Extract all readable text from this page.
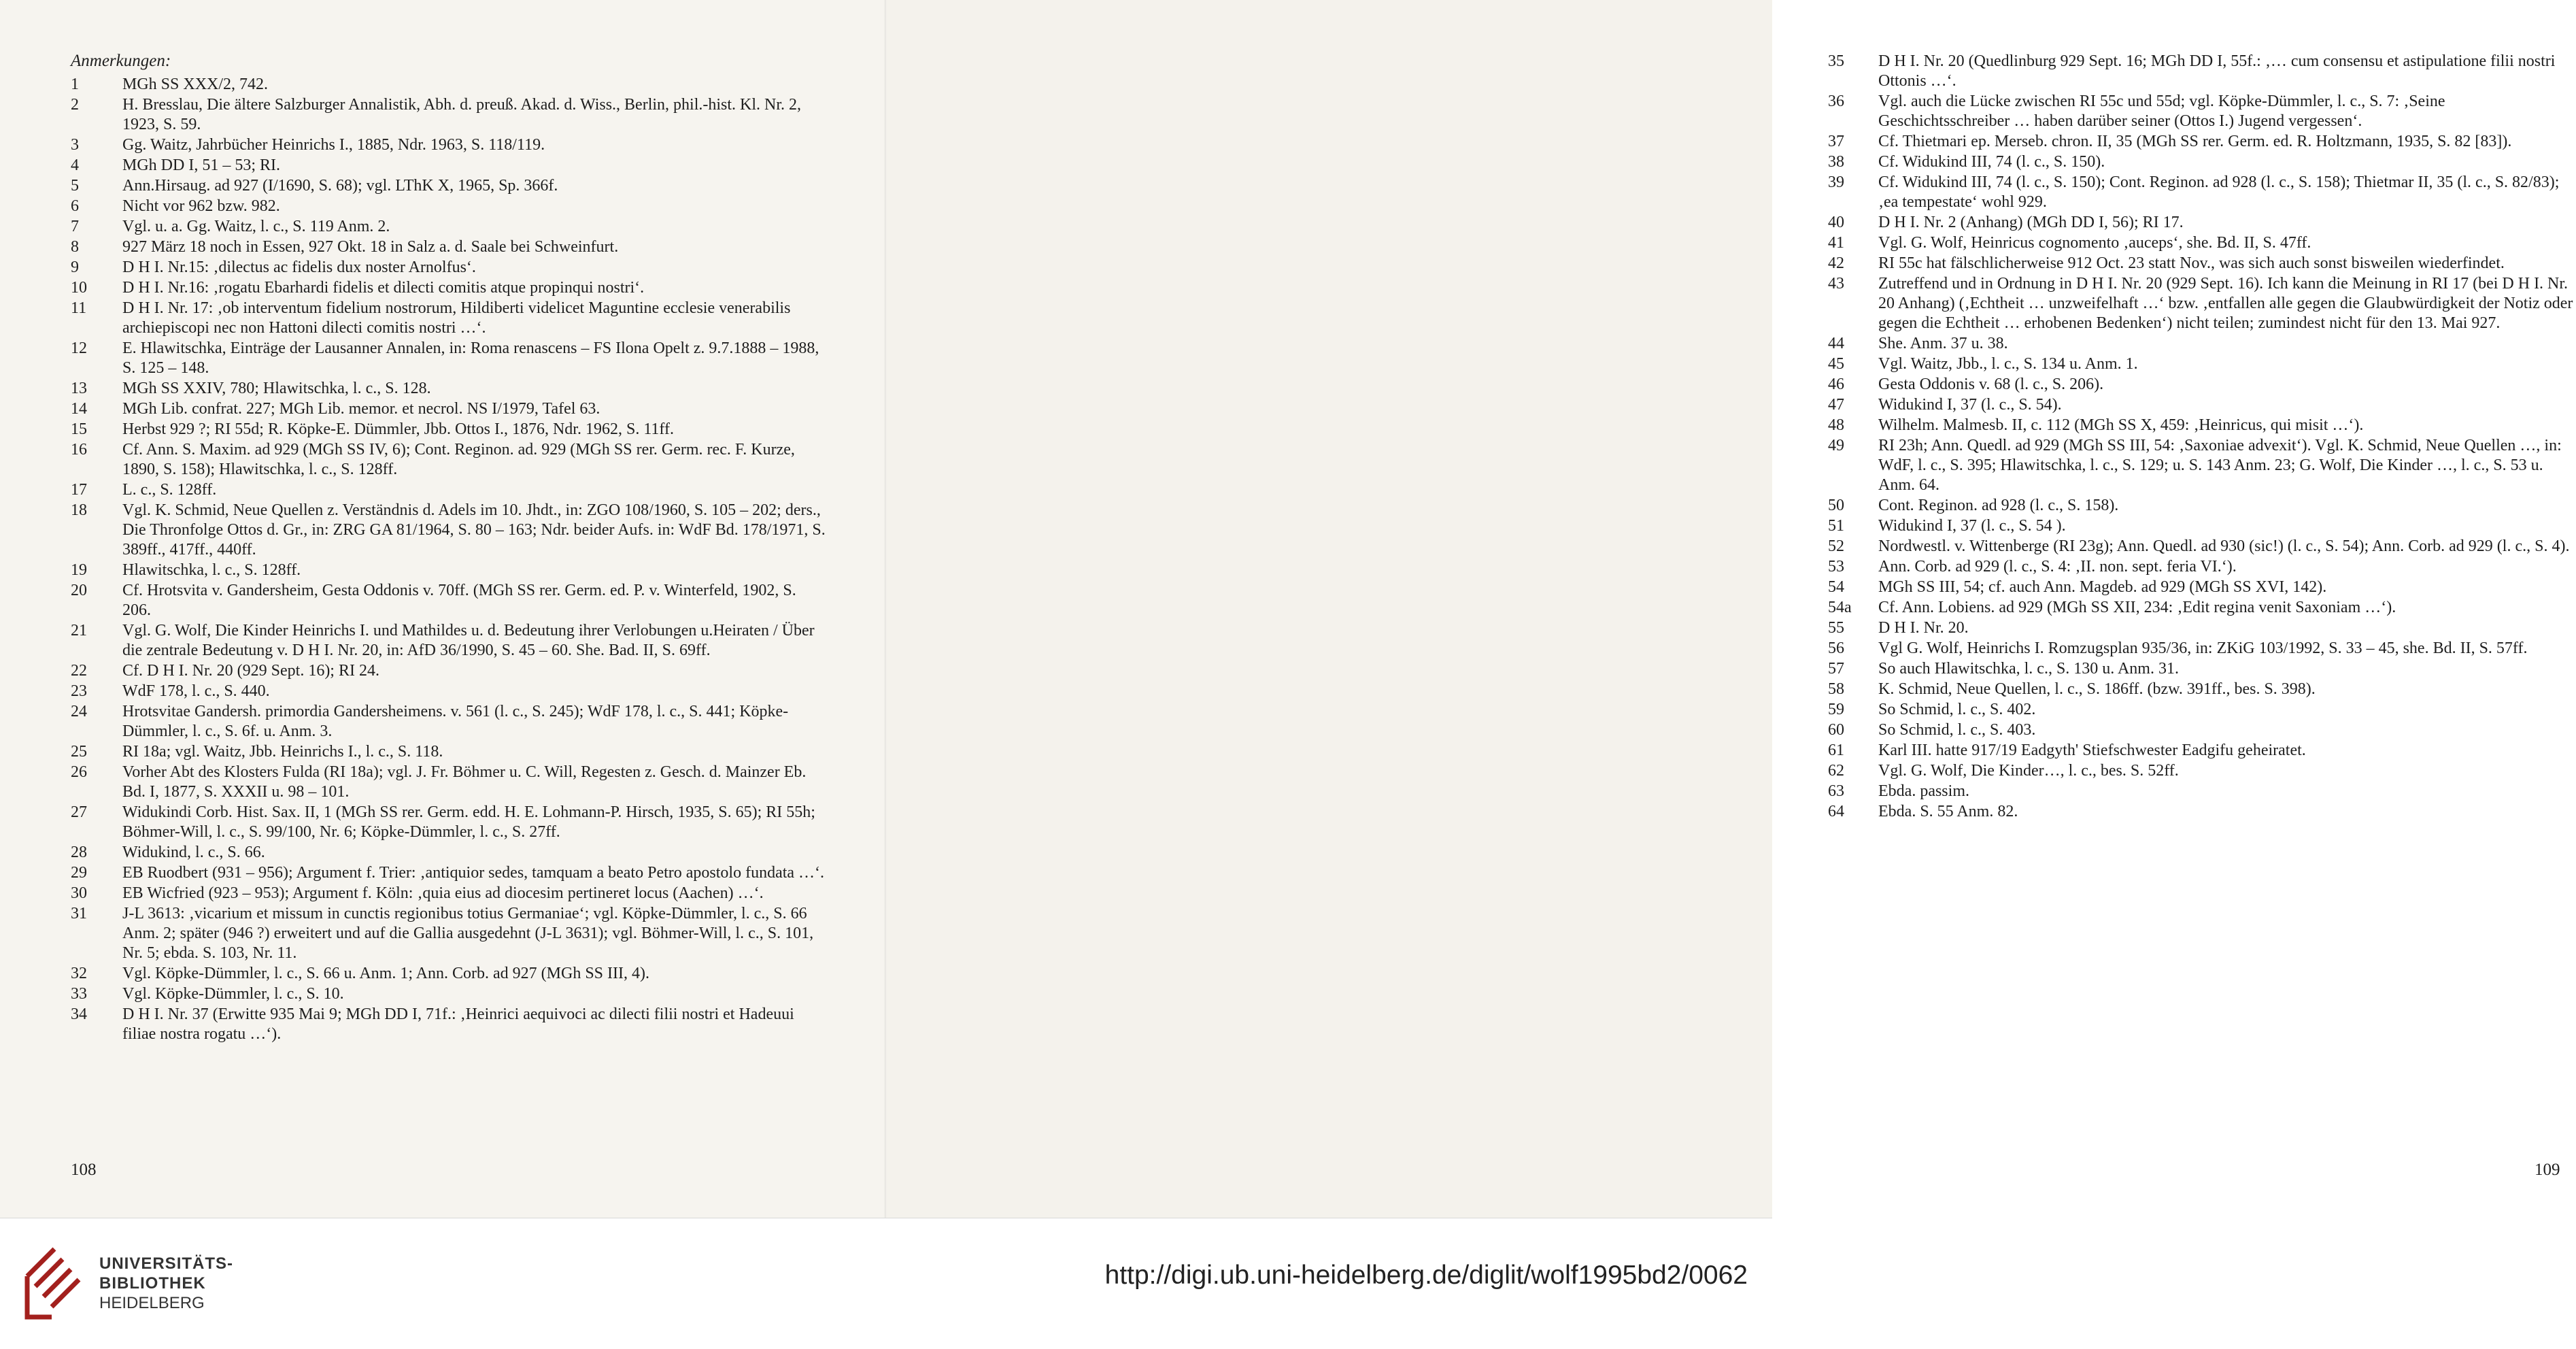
Anmerkungen:
1	MGh SS XXX/2, 742.
2	H. Bresslau, Die ältere Salzburger Annalistik, Abh. d. preuß. Akad. d. Wiss., Berlin, phil.-hist. Kl. Nr. 2, 1923, S. 59.
3	Gg. Waitz, Jahrbücher Heinrichs I., 1885, Ndr. 1963, S. 118/119.
4	MGh DD I, 51 – 53; RI.
5	Ann.Hirsaug. ad 927 (I/1690, S. 68); vgl. LThK X, 1965, Sp. 366f.
6	Nicht vor 962 bzw. 982.
7	Vgl. u. a. Gg. Waitz, l. c., S. 119 Anm. 2.
8	927 März 18 noch in Essen, 927 Okt. 18 in Salz a. d. Saale bei Schweinfurt.
9	D H I. Nr.15: ‚dilectus ac fidelis dux noster Arnolfus‘.
10	D H I. Nr.16: ‚rogatu Ebarhardi fidelis et dilecti comitis atque propinqui nostri‘.
11	D H I. Nr. 17: ‚ob interventum fidelium nostrorum, Hildiberti videlicet Maguntine ecclesie venerabilis archiepiscopi nec non Hattoni dilecti comitis nostri …‘.
12	E. Hlawitschka, Einträge der Lausanner Annalen, in: Roma renascens – FS Ilona Opelt z. 9.7.1888 – 1988, S. 125 – 148.
13	MGh SS XXIV, 780; Hlawitschka, l. c., S. 128.
14	MGh Lib. confrat. 227; MGh Lib. memor. et necrol. NS I/1979, Tafel 63.
15	Herbst 929 ?; RI 55d; R. Köpke-E. Dümmler, Jbb. Ottos I., 1876, Ndr. 1962, S. 11ff.
16	Cf. Ann. S. Maxim. ad 929 (MGh SS IV, 6); Cont. Reginon. ad. 929 (MGh SS rer. Germ. rec. F. Kurze, 1890, S. 158); Hlawitschka, l. c., S. 128ff.
17	L. c., S. 128ff.
18	Vgl. K. Schmid, Neue Quellen z. Verständnis d. Adels im 10. Jhdt., in: ZGO 108/1960, S. 105 – 202; ders., Die Thronfolge Ottos d. Gr., in: ZRG GA 81/1964, S. 80 – 163; Ndr. beider Aufs. in: WdF Bd. 178/1971, S. 389ff., 417ff., 440ff.
19	Hlawitschka, l. c., S. 128ff.
20	Cf. Hrotsvita v. Gandersheim, Gesta Oddonis v. 70ff. (MGh SS rer. Germ. ed. P. v. Winterfeld, 1902, S. 206.
21	Vgl. G. Wolf, Die Kinder Heinrichs I. und Mathildes u. d. Bedeutung ihrer Verlobungen u.Heiraten / Über die zentrale Bedeutung v. D H I. Nr. 20, in: AfD 36/1990, S. 45 – 60. She. Bad. II, S. 69ff.
22	Cf. D H I. Nr. 20 (929 Sept. 16); RI 24.
23	WdF 178, l. c., S. 440.
24	Hrotsvitae Gandersh. primordia Gandersheimens. v. 561 (l. c., S. 245); WdF 178, l. c., S. 441; Köpke-Dümmler, l. c., S. 6f. u. Anm. 3.
25	RI 18a; vgl. Waitz, Jbb. Heinrichs I., l. c., S. 118.
26	Vorher Abt des Klosters Fulda (RI 18a); vgl. J. Fr. Böhmer u. C. Will, Regesten z. Gesch. d. Mainzer Eb. Bd. I, 1877, S. XXXII u. 98 – 101.
27	Widukindi Corb. Hist. Sax. II, 1 (MGh SS rer. Germ. edd. H. E. Lohmann-P. Hirsch, 1935, S. 65); RI 55h; Böhmer-Will, l. c., S. 99/100, Nr. 6; Köpke-Dümmler, l. c., S. 27ff.
28	Widukind, l. c., S. 66.
29	EB Ruodbert (931 – 956); Argument f. Trier: ‚antiquior sedes, tamquam a beato Petro apostolo fundata …‘.
30	EB Wicfried (923 – 953); Argument f. Köln: ‚quia eius ad diocesim pertineret locus (Aachen) …‘.
31	J-L 3613: ‚vicarium et missum in cunctis regionibus totius Germaniae‘; vgl. Köpke-Dümmler, l. c., S. 66 Anm. 2; später (946 ?) erweitert und auf die Gallia ausgedehnt (J-L 3631); vgl. Böhmer-Will, l. c., S. 101, Nr. 5; ebda. S. 103, Nr. 11.
32	Vgl. Köpke-Dümmler, l. c., S. 66 u. Anm. 1; Ann. Corb. ad 927 (MGh SS III, 4).
33	Vgl. Köpke-Dümmler, l. c., S. 10.
34	D H I. Nr. 37 (Erwitte 935 Mai 9; MGh DD I, 71f.: ‚Heinrici aequivoci ac dilecti filii nostri et Hadeuui filiae nostra rogatu …‘).
108
35	D H I. Nr. 20 (Quedlinburg 929 Sept. 16; MGh DD I, 55f.: ‚… cum consensu et astipulatione filii nostri Ottonis …‘.
36	Vgl. auch die Lücke zwischen RI 55c und 55d; vgl. Köpke-Dümmler, l. c., S. 7: ‚Seine Geschichtsschreiber … haben darüber seiner (Ottos I.) Jugend vergessen‘.
37	Cf. Thietmari ep. Merseb. chron. II, 35 (MGh SS rer. Germ. ed. R. Holtzmann, 1935, S. 82 [83]).
38	Cf. Widukind III, 74 (l. c., S. 150).
39	Cf. Widukind III, 74 (l. c., S. 150); Cont. Reginon. ad 928 (l. c., S. 158); Thietmar II, 35 (l. c., S. 82/83); ‚ea tempestate‘ wohl 929.
40	D H I. Nr. 2 (Anhang) (MGh DD I, 56); RI 17.
41	Vgl. G. Wolf, Heinricus cognomento ‚auceps‘, she. Bd. II, S. 47ff.
42	RI 55c hat fälschlicherweise 912 Oct. 23 statt Nov., was sich auch sonst bisweilen wiederfindet.
43	Zutreffend und in Ordnung in D H I. Nr. 20 (929 Sept. 16). Ich kann die Meinung in RI 17 (bei D H I. Nr. 20 Anhang) (‚Echtheit … unzweifelhaft …‘ bzw. ‚entfallen alle gegen die Glaubwürdigkeit der Notiz oder gegen die Echtheit … erhobenen Bedenken‘) nicht teilen; zumindest nicht für den 13. Mai 927.
44	She. Anm. 37 u. 38.
45	Vgl. Waitz, Jbb., l. c., S. 134 u. Anm. 1.
46	Gesta Oddonis v. 68 (l. c., S. 206).
47	Widukind I, 37 (l. c., S. 54).
48	Wilhelm. Malmesb. II, c. 112 (MGh SS X, 459: ‚Heinricus, qui misit …‘).
49	RI 23h; Ann. Quedl. ad 929 (MGh SS III, 54: ‚Saxoniae advexit‘). Vgl. K. Schmid, Neue Quellen …, in: WdF, l. c., S. 395; Hlawitschka, l. c., S. 129; u. S. 143 Anm. 23; G. Wolf, Die Kinder …, l. c., S. 53 u. Anm. 64.
50	Cont. Reginon. ad 928 (l. c., S. 158).
51	Widukind I, 37 (l. c., S. 54 ).
52	Nordwestl. v. Wittenberge (RI 23g); Ann. Quedl. ad 930 (sic!) (l. c., S. 54); Ann. Corb. ad 929 (l. c., S. 4).
53	Ann. Corb. ad 929 (l. c., S. 4: ‚II. non. sept. feria VI.‘).
54	MGh SS III, 54; cf. auch Ann. Magdeb. ad 929 (MGh SS XVI, 142).
54a	Cf. Ann. Lobiens. ad 929 (MGh SS XII, 234: ‚Edit regina venit Saxoniam …‘).
55	D H I. Nr. 20.
56	Vgl G. Wolf, Heinrichs I. Romzugsplan 935/36, in: ZKiG 103/1992, S. 33 – 45, she. Bd. II, S. 57ff.
57	So auch Hlawitschka, l. c., S. 130 u. Anm. 31.
58	K. Schmid, Neue Quellen, l. c., S. 186ff. (bzw. 391ff., bes. S. 398).
59	So Schmid, l. c., S. 402.
60	So Schmid, l. c., S. 403.
61	Karl III. hatte 917/19 Eadgyth' Stiefschwester Eadgifu geheiratet.
62	Vgl. G. Wolf, Die Kinder…, l. c., bes. S. 52ff.
63	Ebda. passim.
64	Ebda. S. 55 Anm. 82.
109
UNIVERSITÄTS-
BIBLIOTHEK
HEIDELBERG
http://digi.ub.uni-heidelberg.de/diglit/wolf1995bd2/0062
